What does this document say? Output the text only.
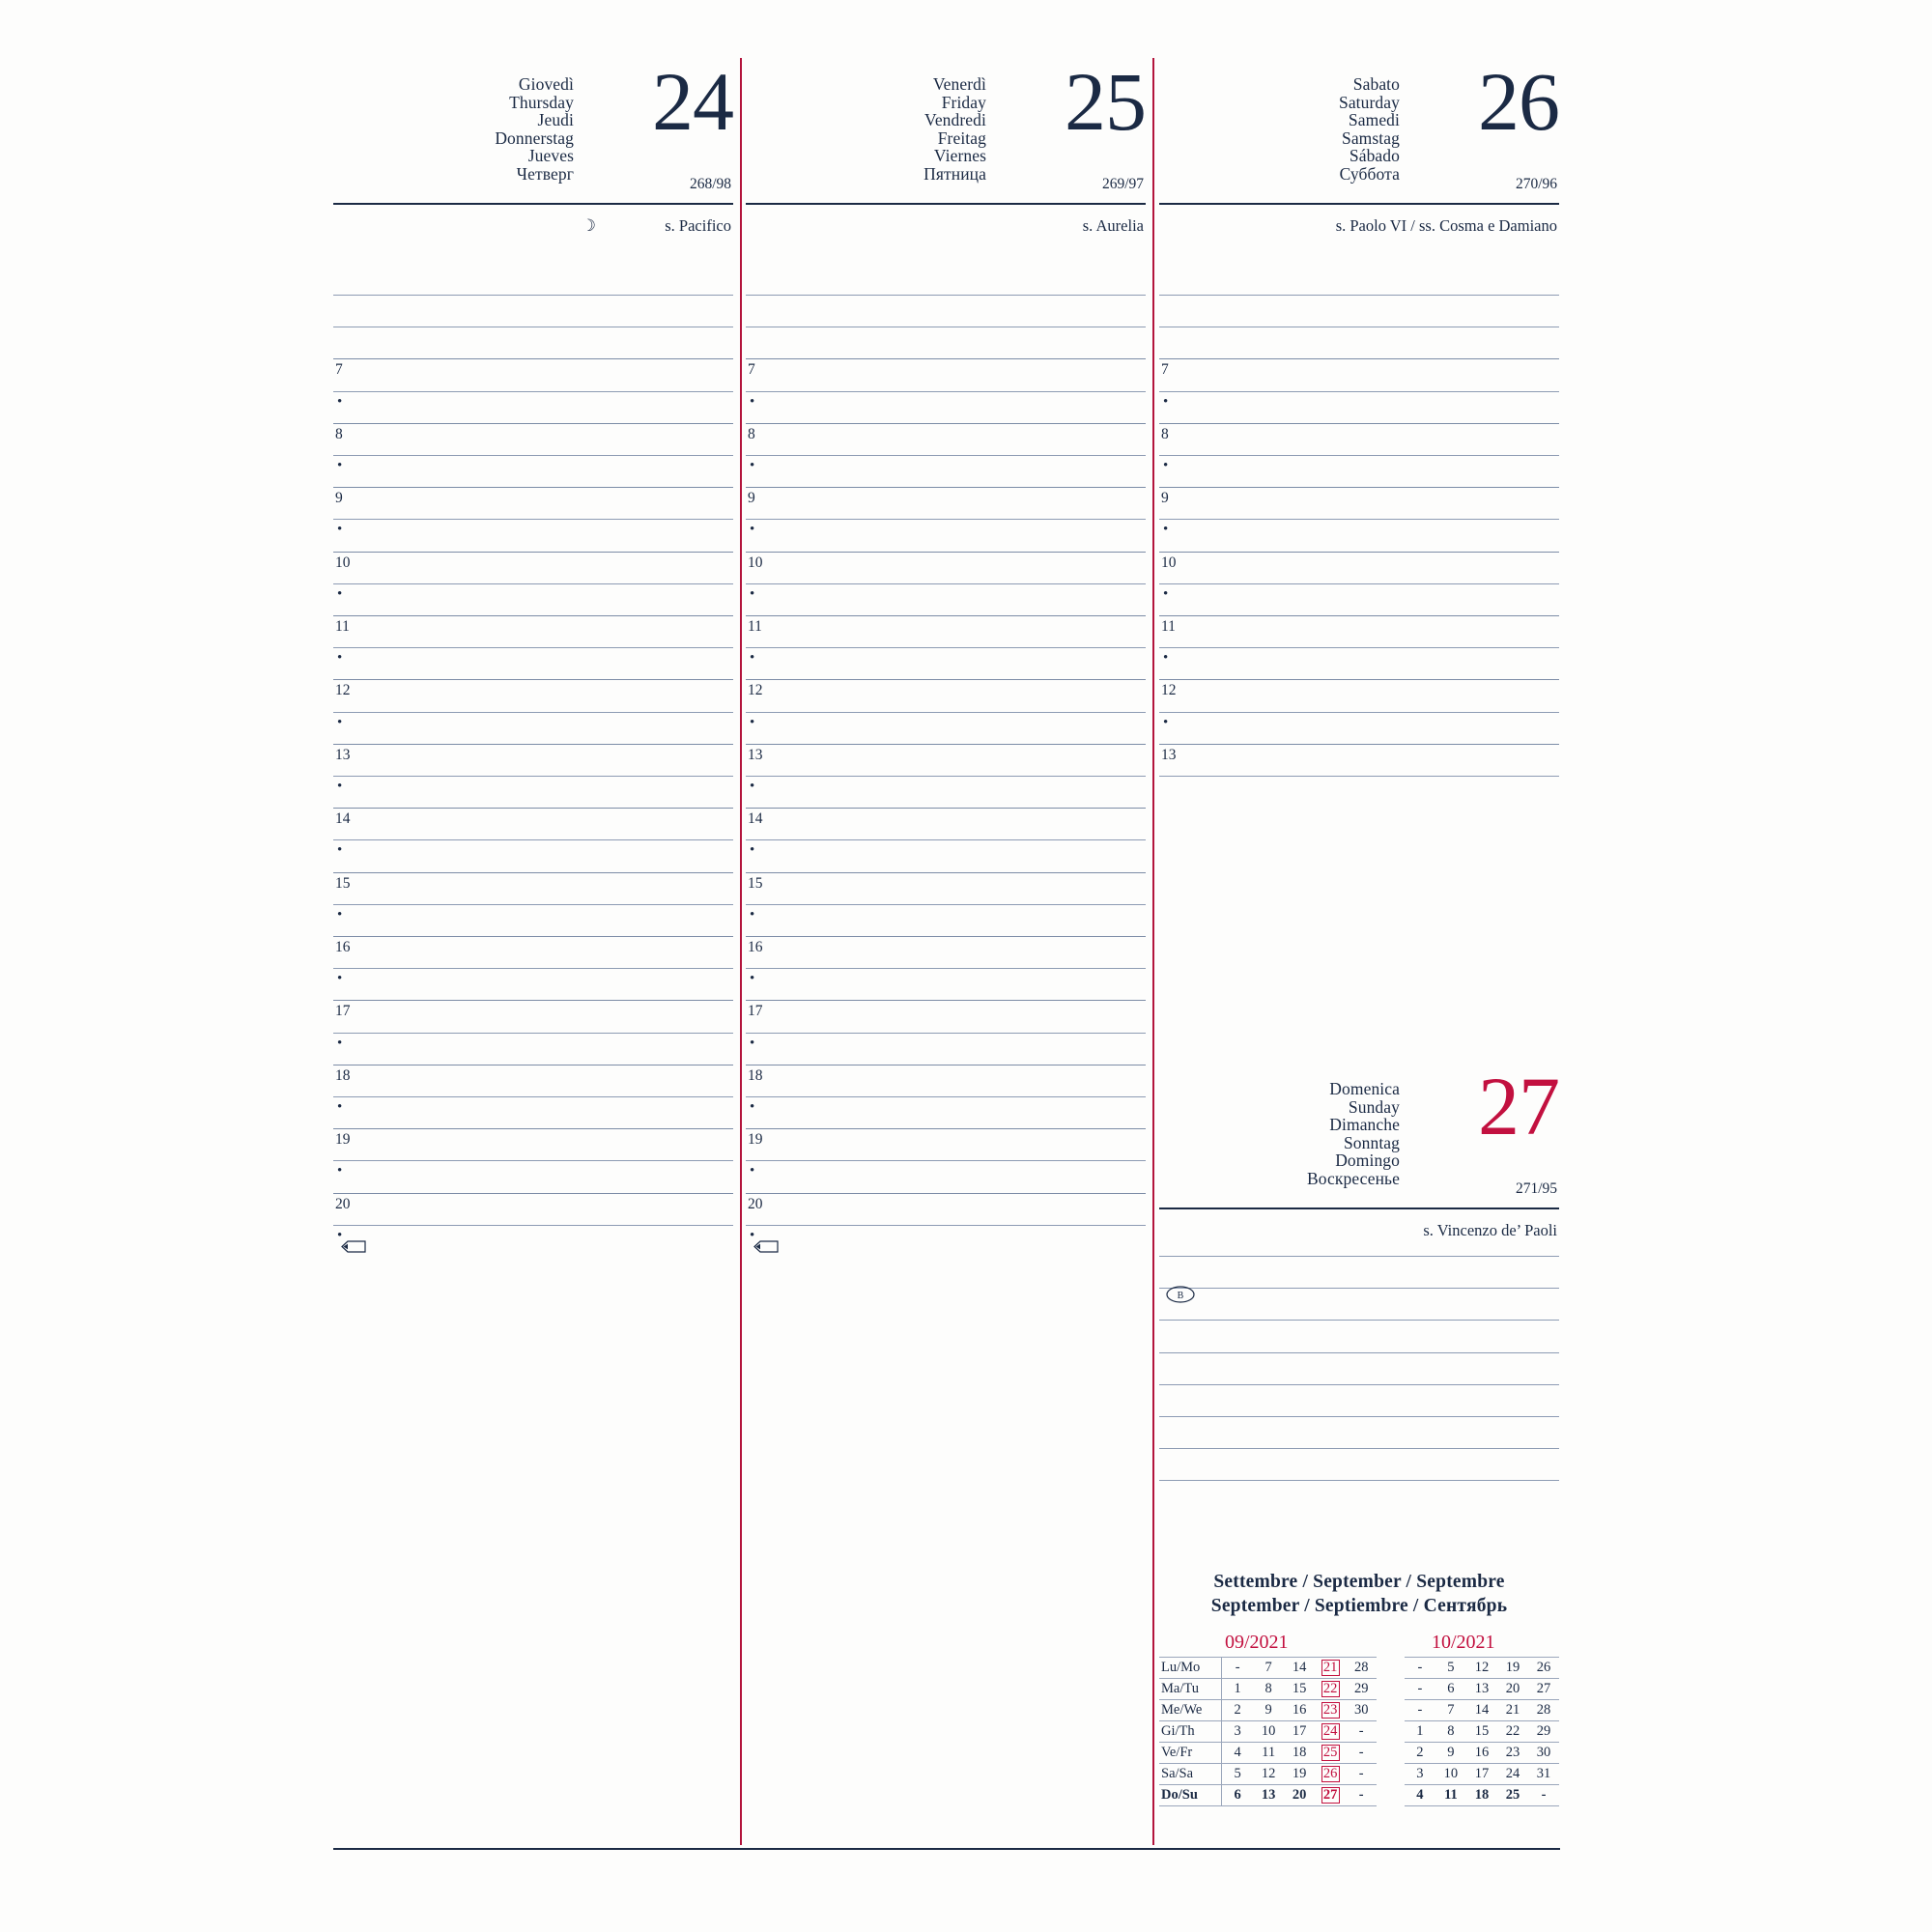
Giovedì
Thursday
Jeudi
Donnerstag
Jueves
Четверг
24
268/98
s. Pacifico
☽
7
•
8
•
9
•
10
•
11
•
12
•
13
•
14
•
15
•
16
•
17
•
18
•
19
•
20
•
Venerdì
Friday
Vendredi
Freitag
Viernes
Пятница
25
269/97
s. Aurelia
7
•
8
•
9
•
10
•
11
•
12
•
13
•
14
•
15
•
16
•
17
•
18
•
19
•
20
•
Sabato
Saturday
Samedi
Samstag
Sábado
Суббота
26
270/96
s. Paolo VI / ss. Cosma e Damiano
7
•
8
•
9
•
10
•
11
•
12
•
13
Domenica
Sunday
Dimanche
Sonntag
Domingo
Воскресенье
27
271/95
s. Vincenzo de’ Paoli
B
Settembre / September / Septembre
September / Septiembre / Сентябрь
09/2021	10/2021
Lu/Mo	-	7	14	21	28		-	5	12	19	26
Ma/Tu	1	8	15	22	29		-	6	13	20	27
Me/We	2	9	16	23	30		-	7	14	21	28
Gi/Th	3	10	17	24	-		1	8	15	22	29
Ve/Fr	4	11	18	25	-		2	9	16	23	30
Sa/Sa	5	12	19	26	-		3	10	17	24	31
Do/Su	6	13	20	27	-		4	11	18	25	-
